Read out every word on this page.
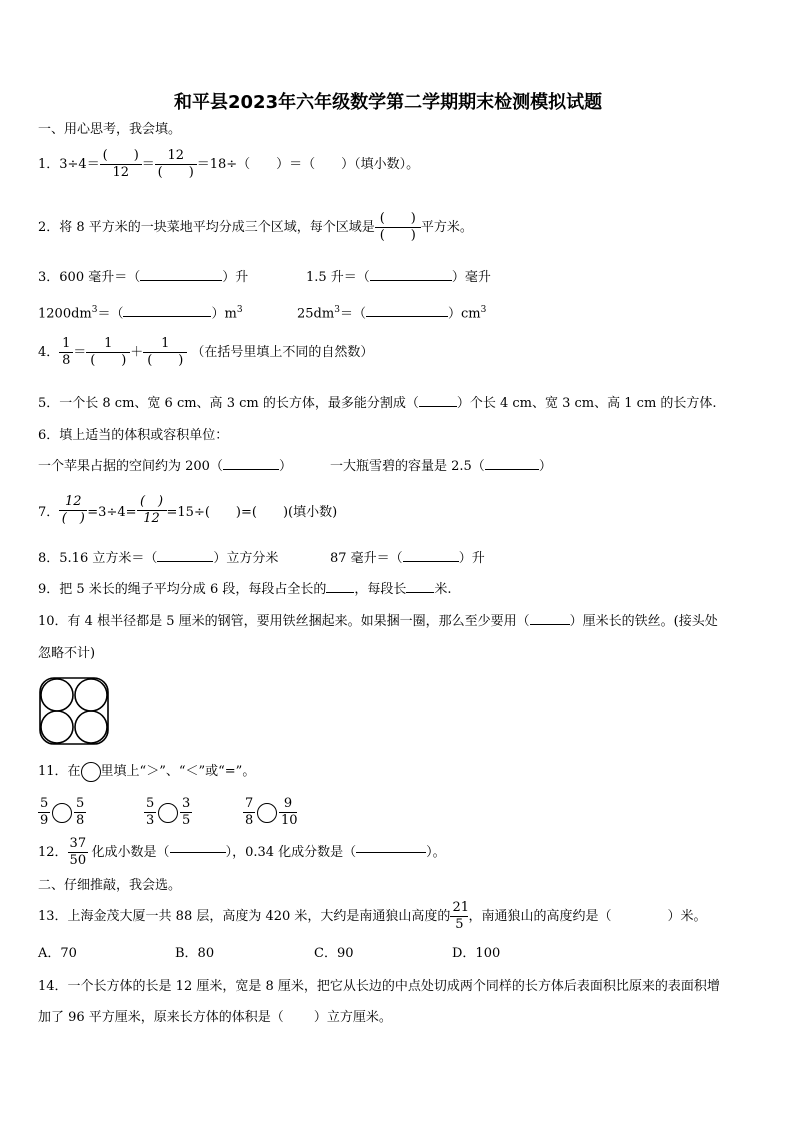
和平县2023年六年级数学第二学期期末检测模拟试题
一、用心思考，我会填。
1．3÷4＝
(　　)
12
＝
12
(　　)
＝18÷（　　）＝（　　）（填小数）。
2．将 8 平方米的一块菜地平均分成三个区域，每个区域是
(　　)
(　　)
平方米。
3．600 毫升＝（	）升	1.5 升＝（	）毫升
$1200dm^3=$（	）$m^3$	$25dm^3=$（	）$cm^3$
4． $\frac{1}{8}$ ＝
1
(　　)
＋
1
(　　)
（在括号里填上不同的自然数）
5．一个长 8 cm、宽 6 cm、高 3 cm 的长方体，最多能分割成（	）个长 4 cm、宽 3 cm、高 1 cm 的长方体.
6．填上适当的体积或容积单位：
一个苹果占据的空间约为 200（	）	一大瓶雪碧的容量是 2.5（	）
7．
12
(　) =3÷4=
(　)
12 =15÷(　　)=(　　)(填小数)
8．5.16 立方米＝（	）立方分米	87 毫升＝（	）升
9．把 5 米长的绳子平均分成 6 段，每段占全长的 ，每段长 米.
10．有 4 根半径都是 5 厘米的钢管，要用铁丝捆起来。如果捆一圈，那么至少要用（	）厘米长的铁丝。(接头处
忽略不计)
11．在 里填上“＞”、“＜”或“=”。
$\frac{5}{9} \frac{5}{8}$	$\frac{5}{3} \frac{3}{5}$	$\frac{7}{8} \frac{9}{10}$
12． $\frac{37}{50}$ 化成小数是（	），0.34 化成分数是（	）。
二、仔细推敲，我会选。
13．上海金茂大厦一共 88 层，高度为 420 米，大约是南通狼山高度的 $\frac{21}{5}$ ，南通狼山的高度约是（	）米。
A．70	B．80	C．90	D．100
14．一个长方体的长是 12 厘米，宽是 8 厘米，把它从长边的中点处切成两个同样的长方体后表面积比原来的表面积增
加了 96 平方厘米，原来长方体的体积是（ ）立方厘米。
